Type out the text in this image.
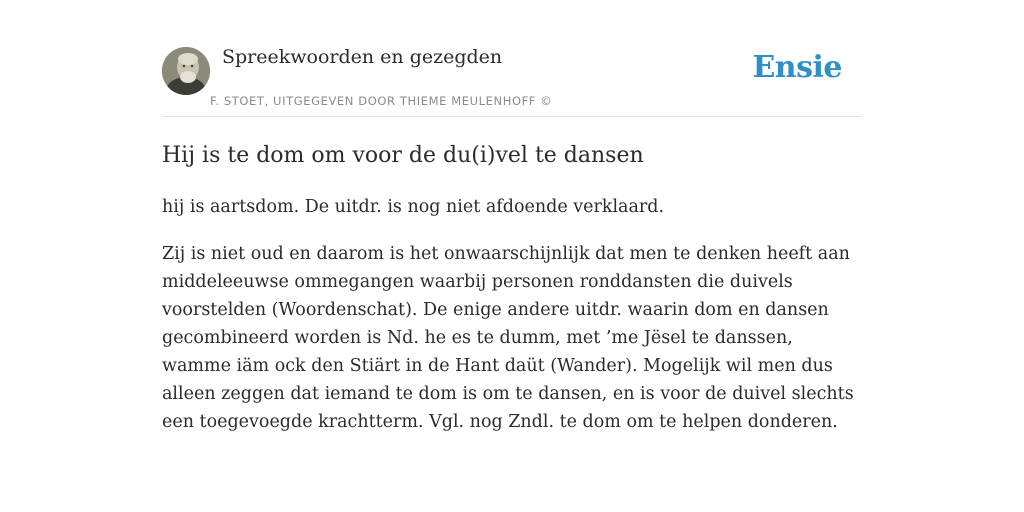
Spreekwoorden en gezegden
F. STOET, UITGEGEVEN DOOR THIEME MEULENHOFF ©
Ensie
Hij is te dom om voor de du(i)vel te dansen

hij is aartsdom. De uitdr. is nog niet afdoende verklaard.

Zij is niet oud en daarom is het onwaarschijnlijk dat men te denken heeft aan middeleeuwse ommegangen waarbij personen ronddansten die duivels voorstelden (Woordenschat). De enige andere uitdr. waarin dom en dansen gecombineerd worden is Nd. he es te dumm, met ’me Jësel te danssen, wamme iäm ock den Stiärt in de Hant daüt (Wander). Mogelijk wil men dus alleen zeggen dat iemand te dom is om te dansen, en is voor de duivel slechts een toegevoegde krachtterm. Vgl. nog Zndl. te dom om te helpen donderen.
